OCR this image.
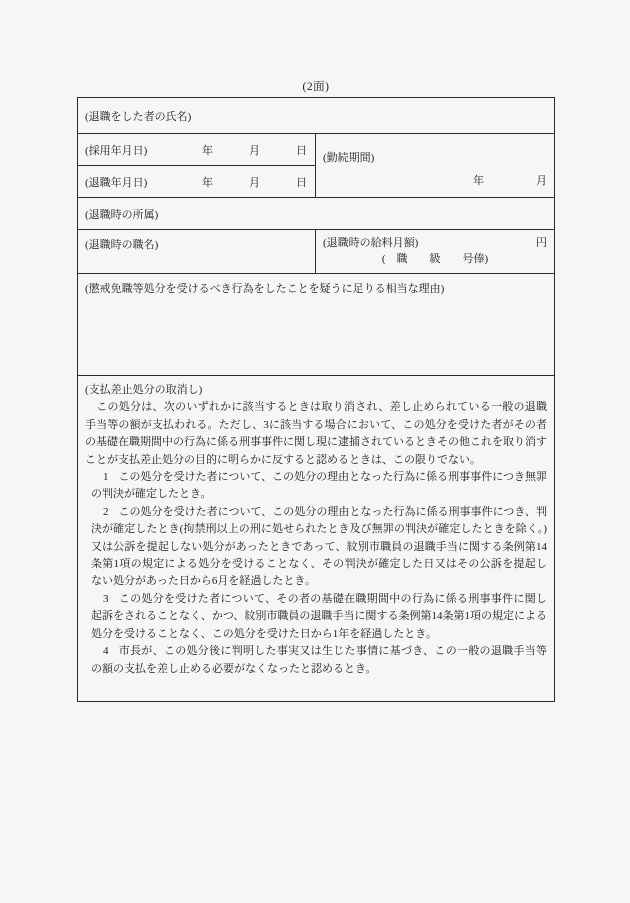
(2面)
(退職をした者の氏名)
(採用年月日)	年	月	日
(退職年月日)	年	月	日
(勤続期間)
年	月
(退職時の所属)
(退職時の職名)	(退職時の給料月額)	円
(　職　　級　　号俸)
(懲戒免職等処分を受けるべき行為をしたことを疑うに足りる相当な理由)
(支払差止処分の取消し)
　この処分は、次のいずれかに該当するときは取り消され、差し止められている一般の退職手当等の額が支払われる。ただし、3に該当する場合において、この処分を受けた者がその者の基礎在職期間中の行為に係る刑事事件に関し現に逮捕されているときその他これを取り消すことが支払差止処分の目的に明らかに反すると認めるときは、この限りでない。
1 この処分を受けた者について、この処分の理由となった行為に係る刑事事件につき無罪の判決が確定したとき。
2 この処分を受けた者について、この処分の理由となった行為に係る刑事事件につき、判決が確定したとき(拘禁刑以上の刑に処せられたとき及び無罪の判決が確定したときを除く。)又は公訴を提起しない処分があったときであって、紋別市職員の退職手当に関する条例第14条第1項の規定による処分を受けることなく、その判決が確定した日又はその公訴を提起しない処分があった日から6月を経過したとき。
3 この処分を受けた者について、その者の基礎在職期間中の行為に係る刑事事件に関し起訴をされることなく、かつ、紋別市職員の退職手当に関する条例第14条第1項の規定による処分を受けることなく、この処分を受けた日から1年を経過したとき。
4 市長が、この処分後に判明した事実又は生じた事情に基づき、この一般の退職手当等の額の支払を差し止める必要がなくなったと認めるとき。
